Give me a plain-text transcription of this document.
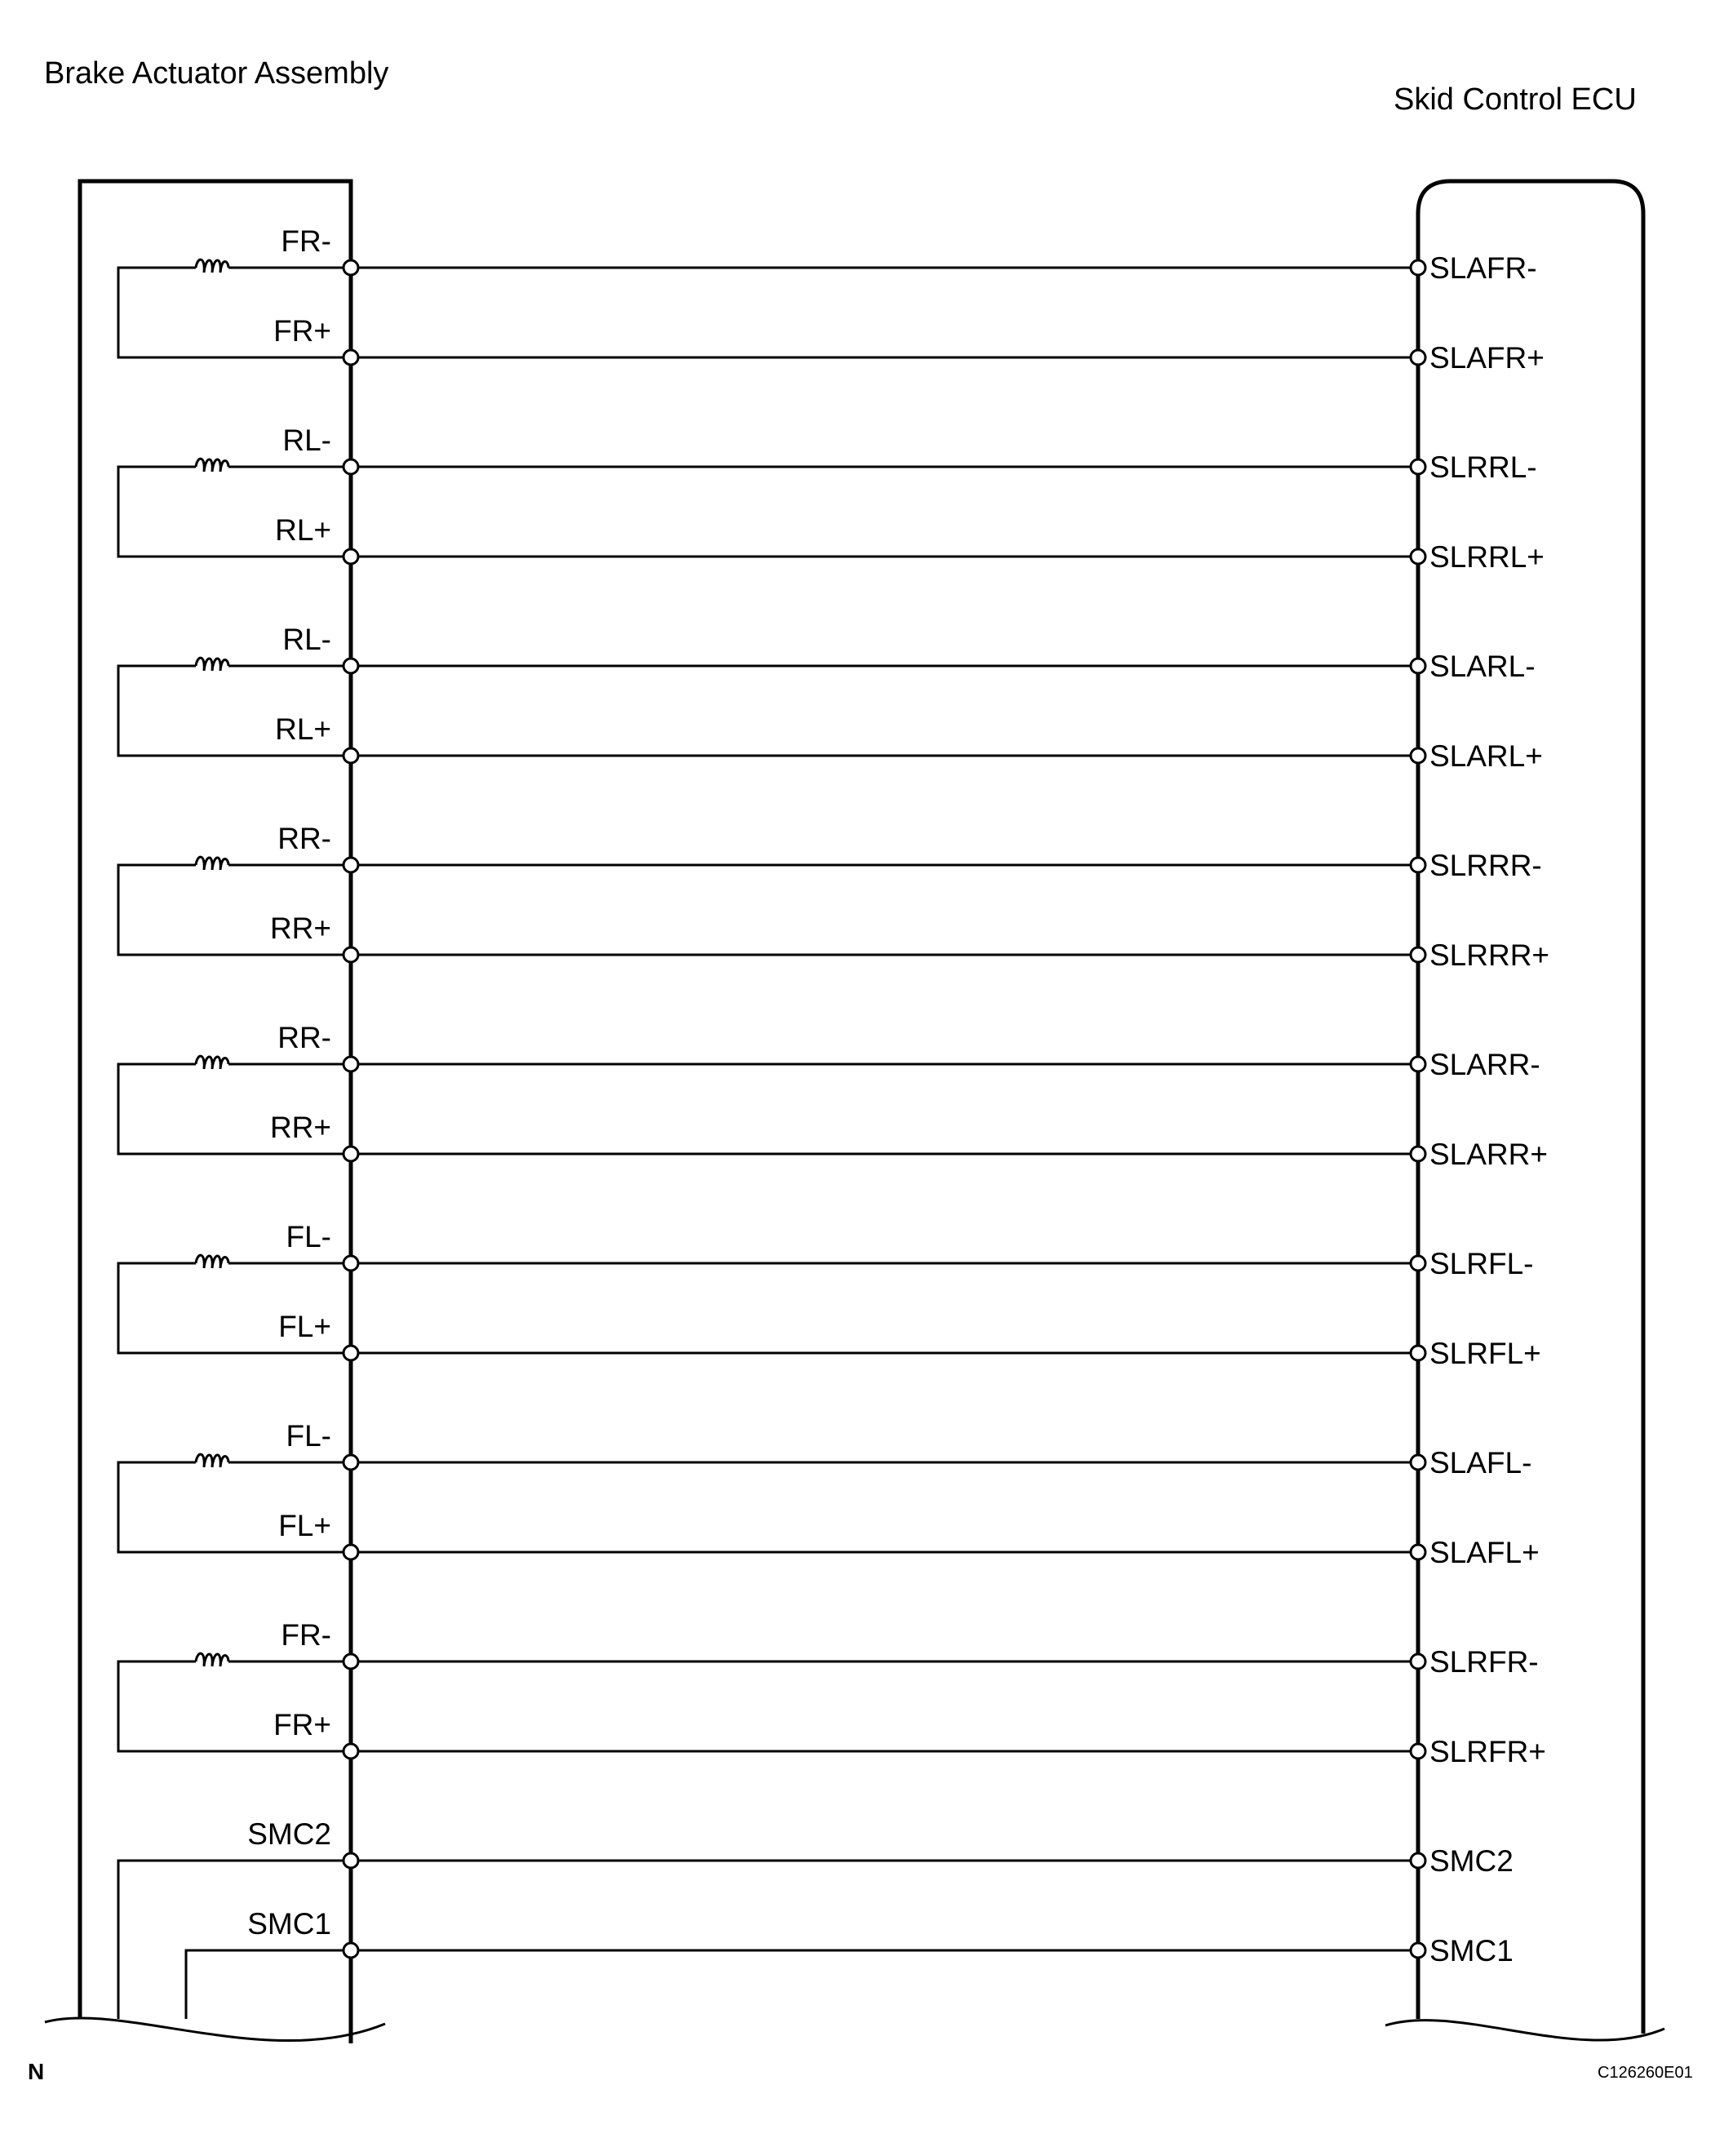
Brake Actuator Assembly
Skid Control ECU
FR-
FR+
SLAFR-
SLAFR+
RL-
RL+
SLRRL-
SLRRL+
RL-
RL+
SLARL-
SLARL+
RR-
RR+
SLRRR-
SLRRR+
RR-
RR+
SLARR-
SLARR+
FL-
FL+
SLRFL-
SLRFL+
FL-
FL+
SLAFL-
SLAFL+
FR-
FR+
SLRFR-
SLRFR+
SMC2
SMC2
SMC1
SMC1
N	C126260E01
